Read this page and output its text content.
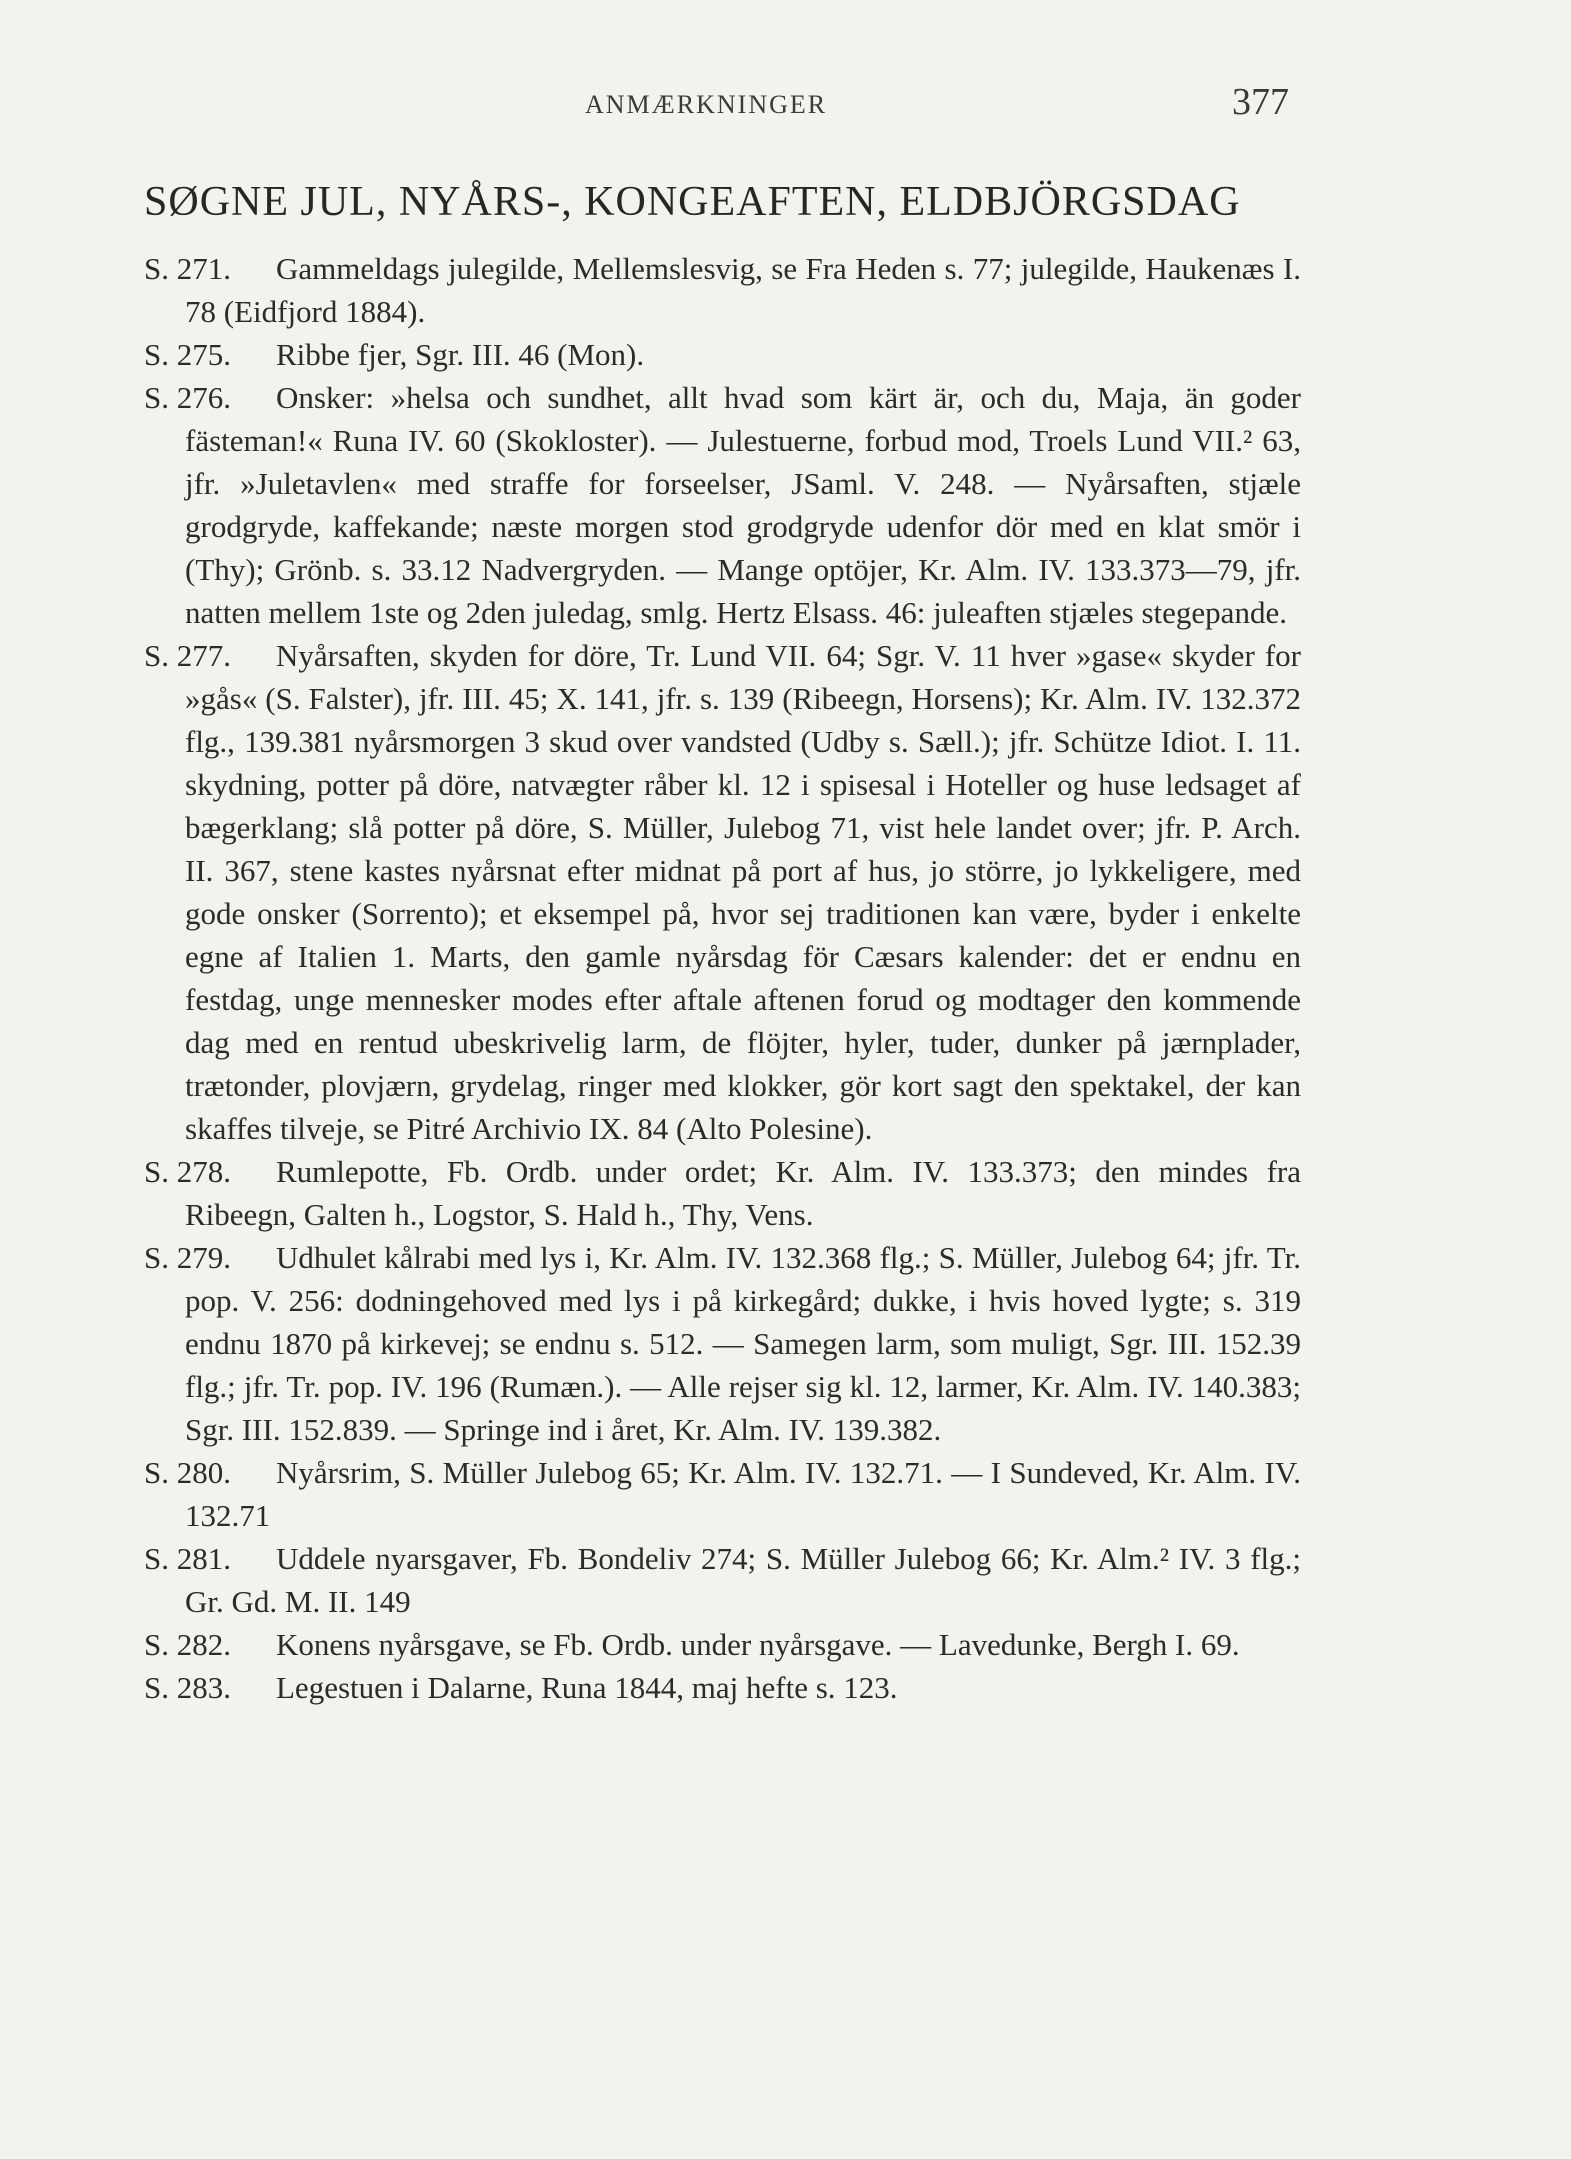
ANMÆRKNINGER	377
SØGNE JUL, NYÅRS-, KONGEAFTEN, ELDBJÖRGSDAG
S. 271. Gammeldags julegilde, Mellemslesvig, se Fra Heden s. 77; julegilde, Haukenæs I. 78 (Eidfjord 1884).
S. 275. Ribbe fjer, Sgr. III. 46 (Mon).
S. 276. Onsker: »helsa och sundhet, allt hvad som kärt är, och du, Maja, än goder fästeman!« Runa IV. 60 (Skokloster). — Julestuerne, forbud mod, Troels Lund VII.² 63, jfr. »Juletavlen« med straffe for forseelser, JSaml. V. 248. — Nyårsaften, stjæle grodgryde, kaffekande; næste morgen stod grodgryde udenfor dör med en klat smör i (Thy); Grönb. s. 33.12 Nadvergryden. — Mange optöjer, Kr. Alm. IV. 133.373—79, jfr. natten mellem 1ste og 2den juledag, smlg. Hertz Elsass. 46: juleaften stjæles stegepande.
S. 277. Nyårsaften, skyden for döre, Tr. Lund VII. 64; Sgr. V. 11 hver »gase« skyder for »gås« (S. Falster), jfr. III. 45; X. 141, jfr. s. 139 (Ribeegn, Horsens); Kr. Alm. IV. 132.372 flg., 139.381 nyårsmorgen 3 skud over vandsted (Udby s. Sæll.); jfr. Schütze Idiot. I. 11. skydning, potter på döre, natvægter råber kl. 12 i spisesal i Hoteller og huse ledsaget af bægerklang; slå potter på döre, S. Müller, Julebog 71, vist hele landet over; jfr. P. Arch. II. 367, stene kastes nyårsnat efter midnat på port af hus, jo större, jo lykkeligere, med gode onsker (Sorrento); et eksempel på, hvor sej traditionen kan være, byder i enkelte egne af Italien 1. Marts, den gamle nyårsdag för Cæsars kalender: det er endnu en festdag, unge mennesker modes efter aftale aftenen forud og modtager den kommende dag med en rentud ubeskrivelig larm, de flöjter, hyler, tuder, dunker på jærnplader, trætonder, plovjærn, grydelag, ringer med klokker, gör kort sagt den spektakel, der kan skaffes tilveje, se Pitré Archivio IX. 84 (Alto Polesine).
S. 278. Rumlepotte, Fb. Ordb. under ordet; Kr. Alm. IV. 133.373; den mindes fra Ribeegn, Galten h., Logstor, S. Hald h., Thy, Vens.
S. 279. Udhulet kålrabi med lys i, Kr. Alm. IV. 132.368 flg.; S. Müller, Julebog 64; jfr. Tr. pop. V. 256: dodningehoved med lys i på kirkegård; dukke, i hvis hoved lygte; s. 319 endnu 1870 på kirkevej; se endnu s. 512. — Samegen larm, som muligt, Sgr. III. 152.39 flg.; jfr. Tr. pop. IV. 196 (Rumæn.). — Alle rejser sig kl. 12, larmer, Kr. Alm. IV. 140.383; Sgr. III. 152.839. — Springe ind i året, Kr. Alm. IV. 139.382.
S. 280. Nyårsrim, S. Müller Julebog 65; Kr. Alm. IV. 132.71. — I Sundeved, Kr. Alm. IV. 132.71
S. 281. Uddele nyarsgaver, Fb. Bondeliv 274; S. Müller Julebog 66; Kr. Alm.² IV. 3 flg.; Gr. Gd. M. II. 149
S. 282. Konens nyårsgave, se Fb. Ordb. under nyårsgave. — Lavedunke, Bergh I. 69.
S. 283. Legestuen i Dalarne, Runa 1844, maj hefte s. 123.
